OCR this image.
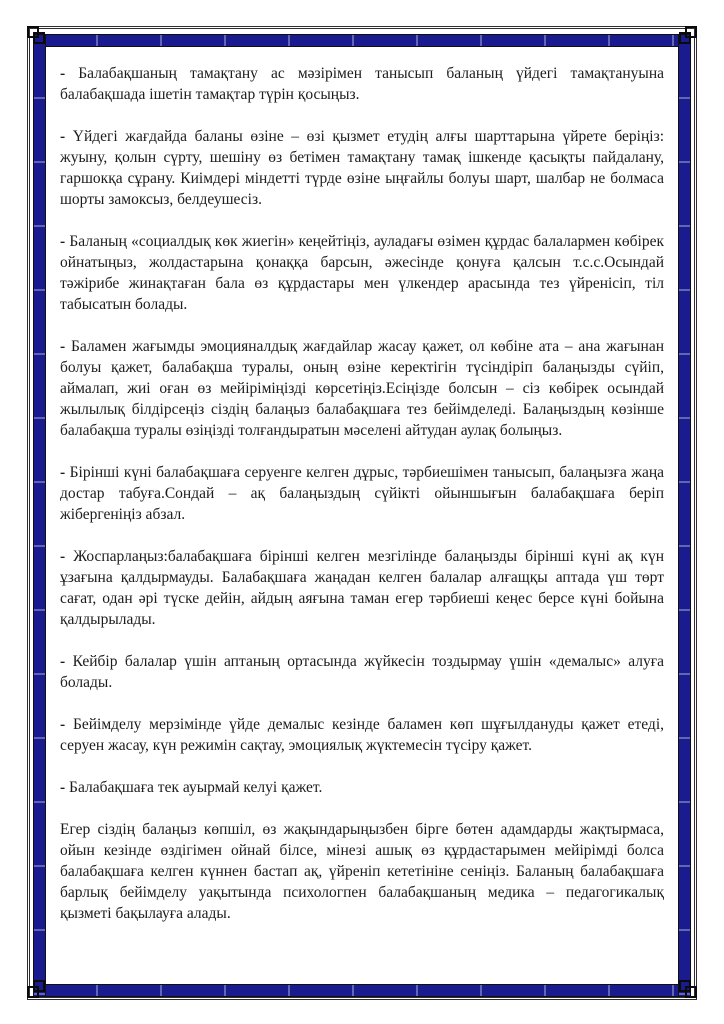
- Балабақшаның тамақтану ас мәзірімен танысып баланың үйдегі тамақтануына балабақшада ішетін тамақтар түрін қосыңыз.

- Үйдегі жағдайда баланы өзіне – өзі қызмет етудің алғы шарттарына үйрете беріңіз: жуыну, қолын сүрту, шешіну өз бетімен тамақтану тамақ ішкенде қасықты пайдалану, гаршокқа сұрану. Киімдері міндетті түрде өзіне ыңғайлы болуы шарт, шалбар не болмаса шорты замоксыз, белдеушесіз.

- Баланың «социалдық көк жиегін» кеңейтіңіз, ауладағы өзімен құрдас балалармен көбірек ойнатыңыз, жолдастарына қонаққа барсын, әжесінде қонуға қалсын т.с.с.Осындай тәжірибе жинақтаған бала өз құрдастары мен үлкендер арасында тез үйренісіп, тіл табысатын болады.

- Баламен жағымды эмоцияналдық жағдайлар жасау қажет, ол көбіне ата – ана жағынан болуы қажет, балабақша туралы, оның өзіне керектігін түсіндіріп балаңызды сүйіп, аймалап, жиі оған өз мейіріміңізді көрсетіңіз.Есіңізде болсын – сіз көбірек осындай жылылық білдірсеңіз сіздің балаңыз балабақшаға тез бейімделеді. Балаңыздың көзінше балабақша туралы өзіңізді толғандыратын мәселені айтудан аулақ болыңыз.

- Бірінші күні балабақшаға серуенге келген дұрыс, тәрбиешімен танысып, балаңызға жаңа достар табуға.Сондай – ақ балаңыздың сүйікті ойыншығын балабақшаға беріп жібергеніңіз абзал.

- Жоспарлаңыз:балабақшаға бірінші келген мезгілінде балаңызды бірінші күні ақ күн ұзағына қалдырмауды. Балабақшаға жаңадан келген балалар алғащқы аптада үш төрт сағат, одан әрі түске дейін, айдың аяғына таман егер тәрбиеші кеңес берсе күні бойына қалдырылады.

- Кейбір балалар үшін аптаның ортасында жүйкесін тоздырмау үшін «демалыс» алуға болады.

- Бейімделу мерзімінде үйде демалыс кезінде баламен көп шұғылдануды қажет етеді, серуен жасау, күн режимін сақтау, эмоциялық жүктемесін түсіру қажет.

- Балабақшаға тек ауырмай келуі қажет.

Егер сіздің балаңыз көпшіл, өз жақындарыңызбен бірге бөтен адамдарды жақтырмаса, ойын кезінде өздігімен ойнай білсе, мінезі ашық өз құрдастарымен мейірімді болса балабақшаға келген күннен бастап ақ, үйреніп кететініне сеніңіз. Баланың балабақшаға барлық бейімделу уақытында психологпен балабақшаның медика – педагогикалық қызметі бақылауға алады.
